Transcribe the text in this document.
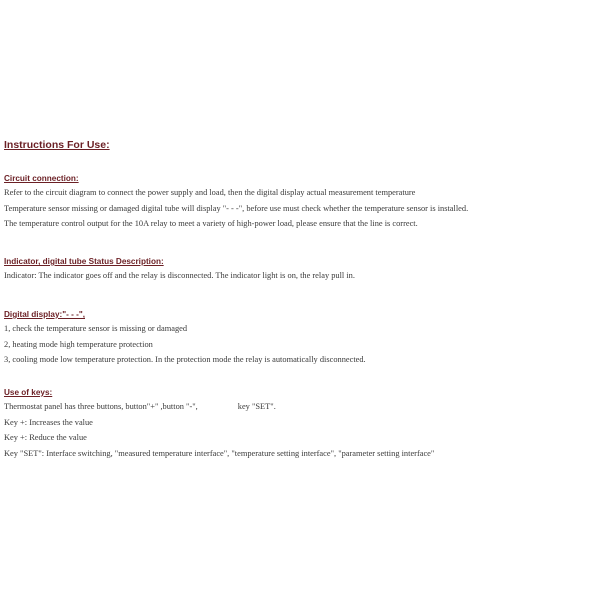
Instructions For Use:
Circuit connection:
Refer to the circuit diagram to connect the power supply and load, then the digital display actual measurement temperature
Temperature sensor missing or damaged digital tube will display "- - -", before use must check whether the temperature sensor is installed.
The temperature control output for the 10A relay to meet a variety of high-power load, please ensure that the line is correct.
Indicator, digital tube Status Description:
Indicator: The indicator goes off and the relay is disconnected. The indicator light is on, the relay pull in.
Digital display:"- - -",
1, check the temperature sensor is missing or damaged
2, heating mode high temperature protection
3, cooling mode low temperature protection. In the protection mode the relay is automatically disconnected.
Use of keys:
Thermostat panel has three buttons, button"+" ,button "-",	key "SET".
Key +: Increases the value
Key +: Reduce the value
Key "SET": Interface switching, "measured temperature interface", "temperature setting interface", "parameter setting interface"
